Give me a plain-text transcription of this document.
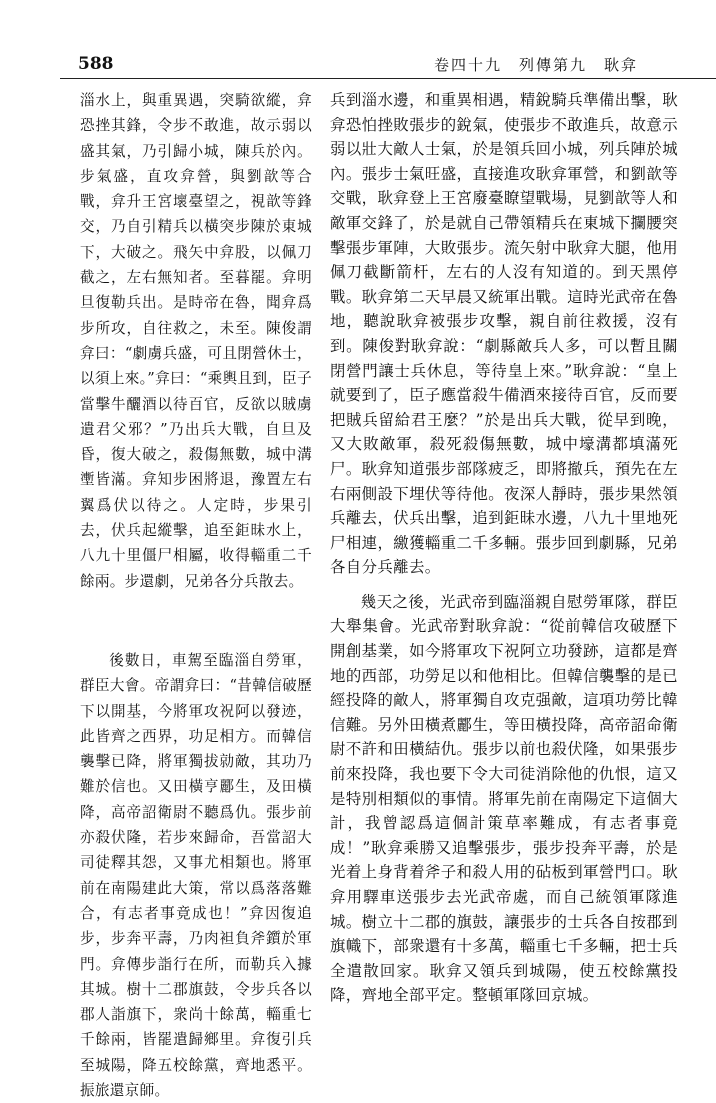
588	卷四十九　列傳第九　耿弇

淄水上，與重異遇，突騎欲縱，弇恐挫其鋒，令步不敢進，故示弱以盛其氣，乃引歸小城，陳兵於內。步氣盛，直攻弇營，與劉歆等合戰，弇升王宮壞臺望之，視歆等鋒交，乃自引精兵以橫突步陳於東城下，大破之。飛矢中弇股，以佩刀截之，左右無知者。至暮罷。弇明旦復勒兵出。是時帝在魯，聞弇爲步所攻，自往救之，未至。陳俊謂弇曰：“劇虜兵盛，可且閉營休士，以須上來。”弇曰：“乘輿且到，臣子當擊牛釃酒以待百官，反欲以賊虜遺君父邪？”乃出兵大戰，自旦及昏，復大破之，殺傷無數，城中溝壍皆滿。弇知步困將退，豫置左右翼爲伏以待之。人定時，步果引去，伏兵起縱擊，追至鉅昧水上，八九十里僵尸相屬，收得輜重二千餘兩。步還劇，兄弟各分兵散去。

後數日，車駕至臨淄自勞軍，群臣大會。帝謂弇曰：“昔韓信破歷下以開基，今將軍攻祝阿以發迹，此皆齊之西界，功足相方。而韓信襲擊已降，將軍獨拔勍敵，其功乃難於信也。又田橫亨酈生，及田橫降，高帝詔衛尉不聽爲仇。張步前亦殺伏隆，若步來歸命，吾當詔大司徒釋其怨，又事尤相類也。將軍前在南陽建此大策，常以爲落落難合，有志者事竟成也！”弇因復追步，步奔平壽，乃肉袒負斧鑕於軍門。弇傳步詣行在所，而勒兵入據其城。樹十二郡旗鼓，令步兵各以郡人詣旗下，衆尚十餘萬，輜重七千餘兩，皆罷遣歸鄉里。弇復引兵至城陽，降五校餘黨，齊地悉平。振旅還京師。

兵到淄水邊，和重異相遇，精銳騎兵準備出擊，耿弇恐怕挫敗張步的銳氣，使張步不敢進兵，故意示弱以壯大敵人士氣，於是領兵回小城，列兵陣於城內。張步士氣旺盛，直接進攻耿弇軍營，和劉歆等交戰，耿弇登上王宮廢臺瞭望戰場，見劉歆等人和敵軍交鋒了，於是就自己帶領精兵在東城下攔腰突擊張步軍陣，大敗張步。流矢射中耿弇大腿，他用佩刀截斷箭杆，左右的人沒有知道的。到天黑停戰。耿弇第二天早晨又統軍出戰。這時光武帝在魯地，聽說耿弇被張步攻擊，親自前往救援，沒有到。陳俊對耿弇說：“劇縣敵兵人多，可以暫且關閉營門讓士兵休息，等待皇上來。”耿弇說：“皇上就要到了，臣子應當殺牛備酒來接待百官，反而要把賊兵留給君王麼？”於是出兵大戰，從早到晚，又大敗敵軍，殺死殺傷無數，城中壕溝都填滿死尸。耿弇知道張步部隊疲乏，即將撤兵，預先在左右兩側設下埋伏等待他。夜深人靜時，張步果然領兵離去，伏兵出擊，追到鉅昧水邊，八九十里地死尸相連，繳獲輜重二千多輛。張步回到劇縣，兄弟各自分兵離去。

幾天之後，光武帝到臨淄親自慰勞軍隊，群臣大舉集會。光武帝對耿弇說：“從前韓信攻破歷下開創基業，如今將軍攻下祝阿立功發跡，這都是齊地的西部，功勞足以和他相比。但韓信襲擊的是已經投降的敵人，將軍獨自攻克强敵，這項功勞比韓信難。另外田橫煮酈生，等田橫投降，高帝詔命衛尉不許和田橫結仇。張步以前也殺伏隆，如果張步前來投降，我也要下令大司徒消除他的仇恨，這又是特別相類似的事情。將軍先前在南陽定下這個大計，我曾認爲這個計策草率難成，有志者事竟成！”耿弇乘勝又追擊張步，張步投奔平壽，於是光着上身背着斧子和殺人用的砧板到軍營門口。耿弇用驛車送張步去光武帝處，而自己統領軍隊進城。樹立十二郡的旗鼓，讓張步的士兵各自按郡到旗幟下，部衆還有十多萬，輜重七千多輛，把士兵全遣散回家。耿弇又領兵到城陽，使五校餘黨投降，齊地全部平定。整頓軍隊回京城。
